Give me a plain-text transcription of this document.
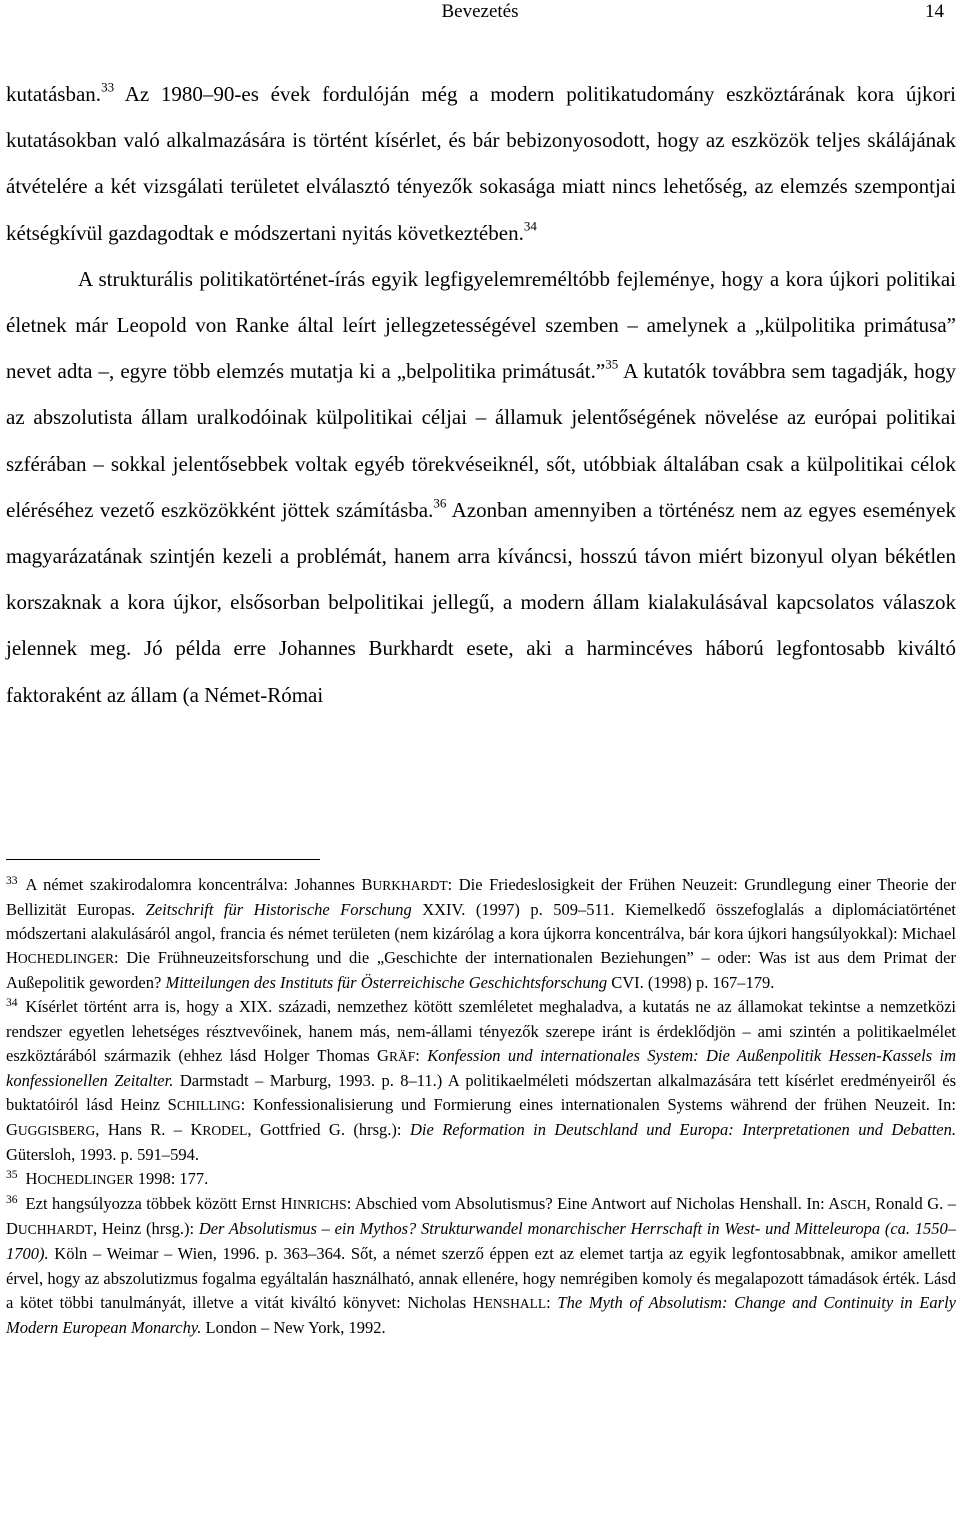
Bevezetés	14

kutatásban.$^{33}$ Az 1980–90-es évek fordulóján még a modern politikatudomány eszköztárának kora újkori kutatásokban való alkalmazására is történt kísérlet, és bár bebizonyosodott, hogy az eszközök teljes skálájának átvételére a két vizsgálati területet elválasztó tényezők sokasága miatt nincs lehetőség, az elemzés szempontjai kétségkívül gazdagodtak e módszertani nyitás következtében.$^{34}$

A strukturális politikatörténet-írás egyik legfigyelemreméltóbb fejleménye, hogy a kora újkori politikai életnek már Leopold von Ranke által leírt jellegzetességével szemben – amelynek a „külpolitika primátusa” nevet adta –, egyre több elemzés mutatja ki a „belpolitika primátusát.”$^{35}$ A kutatók továbbra sem tagadják, hogy az abszolutista állam uralkodóinak külpolitikai céljai – államuk jelentőségének növelése az európai politikai szférában – sokkal jelentősebbek voltak egyéb törekvéseiknél, sőt, utóbbiak általában csak a külpolitikai célok eléréséhez vezető eszközökként jöttek számításba.$^{36}$ Azonban amennyiben a történész nem az egyes események magyarázatának szintjén kezeli a problémát, hanem arra kíváncsi, hosszú távon miért bizonyul olyan békétlen korszaknak a kora újkor, elsősorban belpolitikai jellegű, a modern állam kialakulásával kapcsolatos válaszok jelennek meg. Jó példa erre Johannes Burkhardt esete, aki a harmincéves háború legfontosabb kiváltó faktoraként az állam (a Német-Római

$^{33}$ A német szakirodalomra koncentrálva: Johannes BURKHARDT: Die Friedeslosigkeit der Frühen Neuzeit: Grundlegung einer Theorie der Bellizität Europas. Zeitschrift für Historische Forschung XXIV. (1997) p. 509–511. Kiemelkedő összefoglalás a diplomáciatörténet módszertani alakulásáról angol, francia és német területen (nem kizárólag a kora újkorra koncentrálva, bár kora újkori hangsúlyokkal): Michael HOCHEDLINGER: Die Frühneuzeitsforschung und die „Geschichte der internationalen Beziehungen” – oder: Was ist aus dem Primat der Außepolitik geworden? Mitteilungen des Instituts für Österreichische Geschichtsforschung CVI. (1998) p. 167–179.

$^{34}$ Kísérlet történt arra is, hogy a XIX. századi, nemzethez kötött szemléletet meghaladva, a kutatás ne az államokat tekintse a nemzetközi rendszer egyetlen lehetséges résztvevőinek, hanem más, nem-állami tényezők szerepe iránt is érdeklődjön – ami szintén a politikaelmélet eszköztárából származik (ehhez lásd Holger Thomas GRÄF: Konfession und internationales System: Die Außenpolitik Hessen-Kassels im konfessionellen Zeitalter. Darmstadt – Marburg, 1993. p. 8–11.) A politikaelméleti módszertan alkalmazására tett kísérlet eredményeiről és buktatóiról lásd Heinz SCHILLING: Konfessionalisierung und Formierung eines internationalen Systems während der frühen Neuzeit. In: GUGGISBERG, Hans R. – KRODEL, Gottfried G. (hrsg.): Die Reformation in Deutschland und Europa: Interpretationen und Debatten. Gütersloh, 1993. p. 591–594.

$^{35}$ HOCHEDLINGER 1998: 177.

$^{36}$ Ezt hangsúlyozza többek között Ernst HINRICHS: Abschied vom Absolutismus? Eine Antwort auf Nicholas Henshall. In: ASCH, Ronald G. – DUCHHARDT, Heinz (hrsg.): Der Absolutismus – ein Mythos? Strukturwandel monarchischer Herrschaft in West- und Mitteleuropa (ca. 1550–1700). Köln – Weimar – Wien, 1996. p. 363–364. Sőt, a német szerző éppen ezt az elemet tartja az egyik legfontosabbnak, amikor amellett érvel, hogy az abszolutizmus fogalma egyáltalán használható, annak ellenére, hogy nemrégiben komoly és megalapozott támadások érték. Lásd a kötet többi tanulmányát, illetve a vitát kiváltó könyvet: Nicholas HENSHALL: The Myth of Absolutism: Change and Continuity in Early Modern European Monarchy. London – New York, 1992.
